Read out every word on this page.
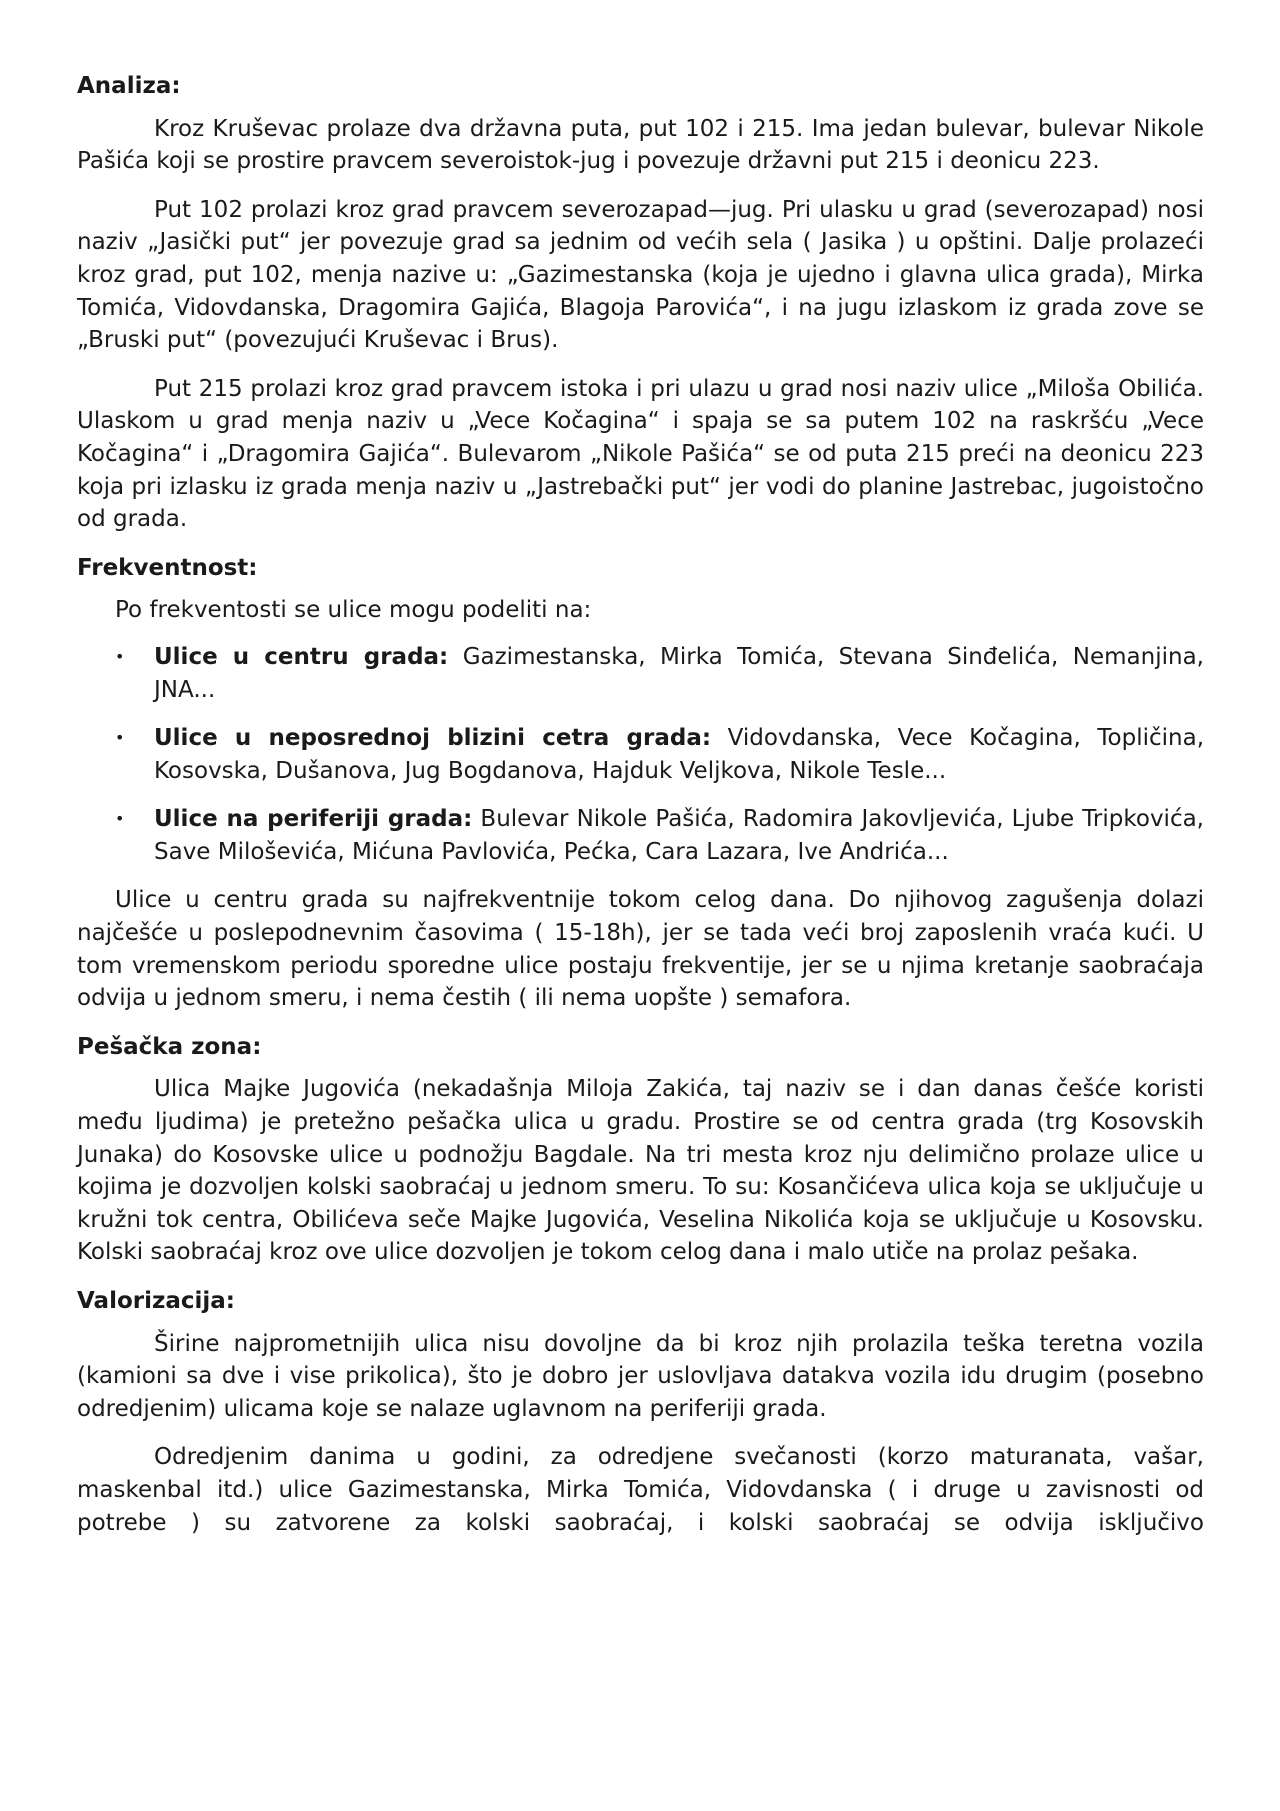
Analiza:

Kroz Kruševac prolaze dva državna puta, put 102 i 215. Ima jedan bulevar, bulevar Nikole Pašića koji se prostire pravcem severoistok-jug i povezuje državni put 215 i deonicu 223.

Put 102 prolazi kroz grad pravcem severozapad—jug. Pri ulasku u grad (severozapad) nosi naziv „Jasički put“ jer povezuje grad sa jednim od većih sela ( Jasika ) u opštini. Dalje prolazeći kroz grad, put 102, menja nazive u: „Gazimestanska (koja je ujedno i glavna ulica grada), Mirka Tomića, Vidovdanska, Dragomira Gajića, Blagoja Parovića“, i na jugu izlaskom iz grada zove se „Bruski put“ (povezujući Kruševac i Brus).

Put 215 prolazi kroz grad pravcem istoka i pri ulazu u grad nosi naziv ulice „Miloša Obilića. Ulaskom u grad menja naziv u „Vece Kočagina“ i spaja se sa putem 102 na raskršću „Vece Kočagina“ i „Dragomira Gajića“. Bulevarom „Nikole Pašića“ se od puta 215 preći na deonicu 223 koja pri izlasku iz grada menja naziv u „Jastrebački put“ jer vodi do planine Jastrebac, jugoistočno od grada.

Frekventnost:

Po frekventosti se ulice mogu podeliti na:

• Ulice u centru grada: Gazimestanska, Mirka Tomića, Stevana Sinđelića, Nemanjina, JNA...
• Ulice u neposrednoj blizini cetra grada: Vidovdanska, Vece Kočagina, Topličina, Kosovska, Dušanova, Jug Bogdanova, Hajduk Veljkova, Nikole Tesle...
• Ulice na periferiji grada: Bulevar Nikole Pašića, Radomira Jakovljevića, Ljube Tripkovića, Save Miloševića, Mićuna Pavlovića, Pećka, Cara Lazara, Ive Andrića...

Ulice u centru grada su najfrekventnije tokom celog dana. Do njihovog zagušenja dolazi najčešće u poslepodnevnim časovima ( 15-18h), jer se tada veći broj zaposlenih vraća kući. U tom vremenskom periodu sporedne ulice postaju frekventije, jer se u njima kretanje saobraćaja odvija u jednom smeru, i nema čestih ( ili nema uopšte ) semafora.

Pešačka zona:

Ulica Majke Jugovića (nekadašnja Miloja Zakića, taj naziv se i dan danas češće koristi među ljudima) je pretežno pešačka ulica u gradu. Prostire se od centra grada (trg Kosovskih Junaka) do Kosovske ulice u podnožju Bagdale. Na tri mesta kroz nju delimično prolaze ulice u kojima je dozvoljen kolski saobraćaj u jednom smeru. To su: Kosančićeva ulica koja se uključuje u kružni tok centra, Obilićeva seče Majke Jugovića, Veselina Nikolića koja se uključuje u Kosovsku. Kolski saobraćaj kroz ove ulice dozvoljen je tokom celog dana i malo utiče na prolaz pešaka.

Valorizacija:

Širine najprometnijih ulica nisu dovoljne da bi kroz njih prolazila teška teretna vozila (kamioni sa dve i vise prikolica), što je dobro jer uslovljava datakva vozila idu drugim (posebno odredjenim) ulicama koje se nalaze uglavnom na periferiji grada.

Odredjenim danima u godini, za odredjene svečanosti (korzo maturanata, vašar, maskenbal itd.) ulice Gazimestanska, Mirka Tomića, Vidovdanska ( i druge u zavisnosti od potrebe ) su zatvorene za kolski saobraćaj, i kolski saobraćaj se odvija isključivo
